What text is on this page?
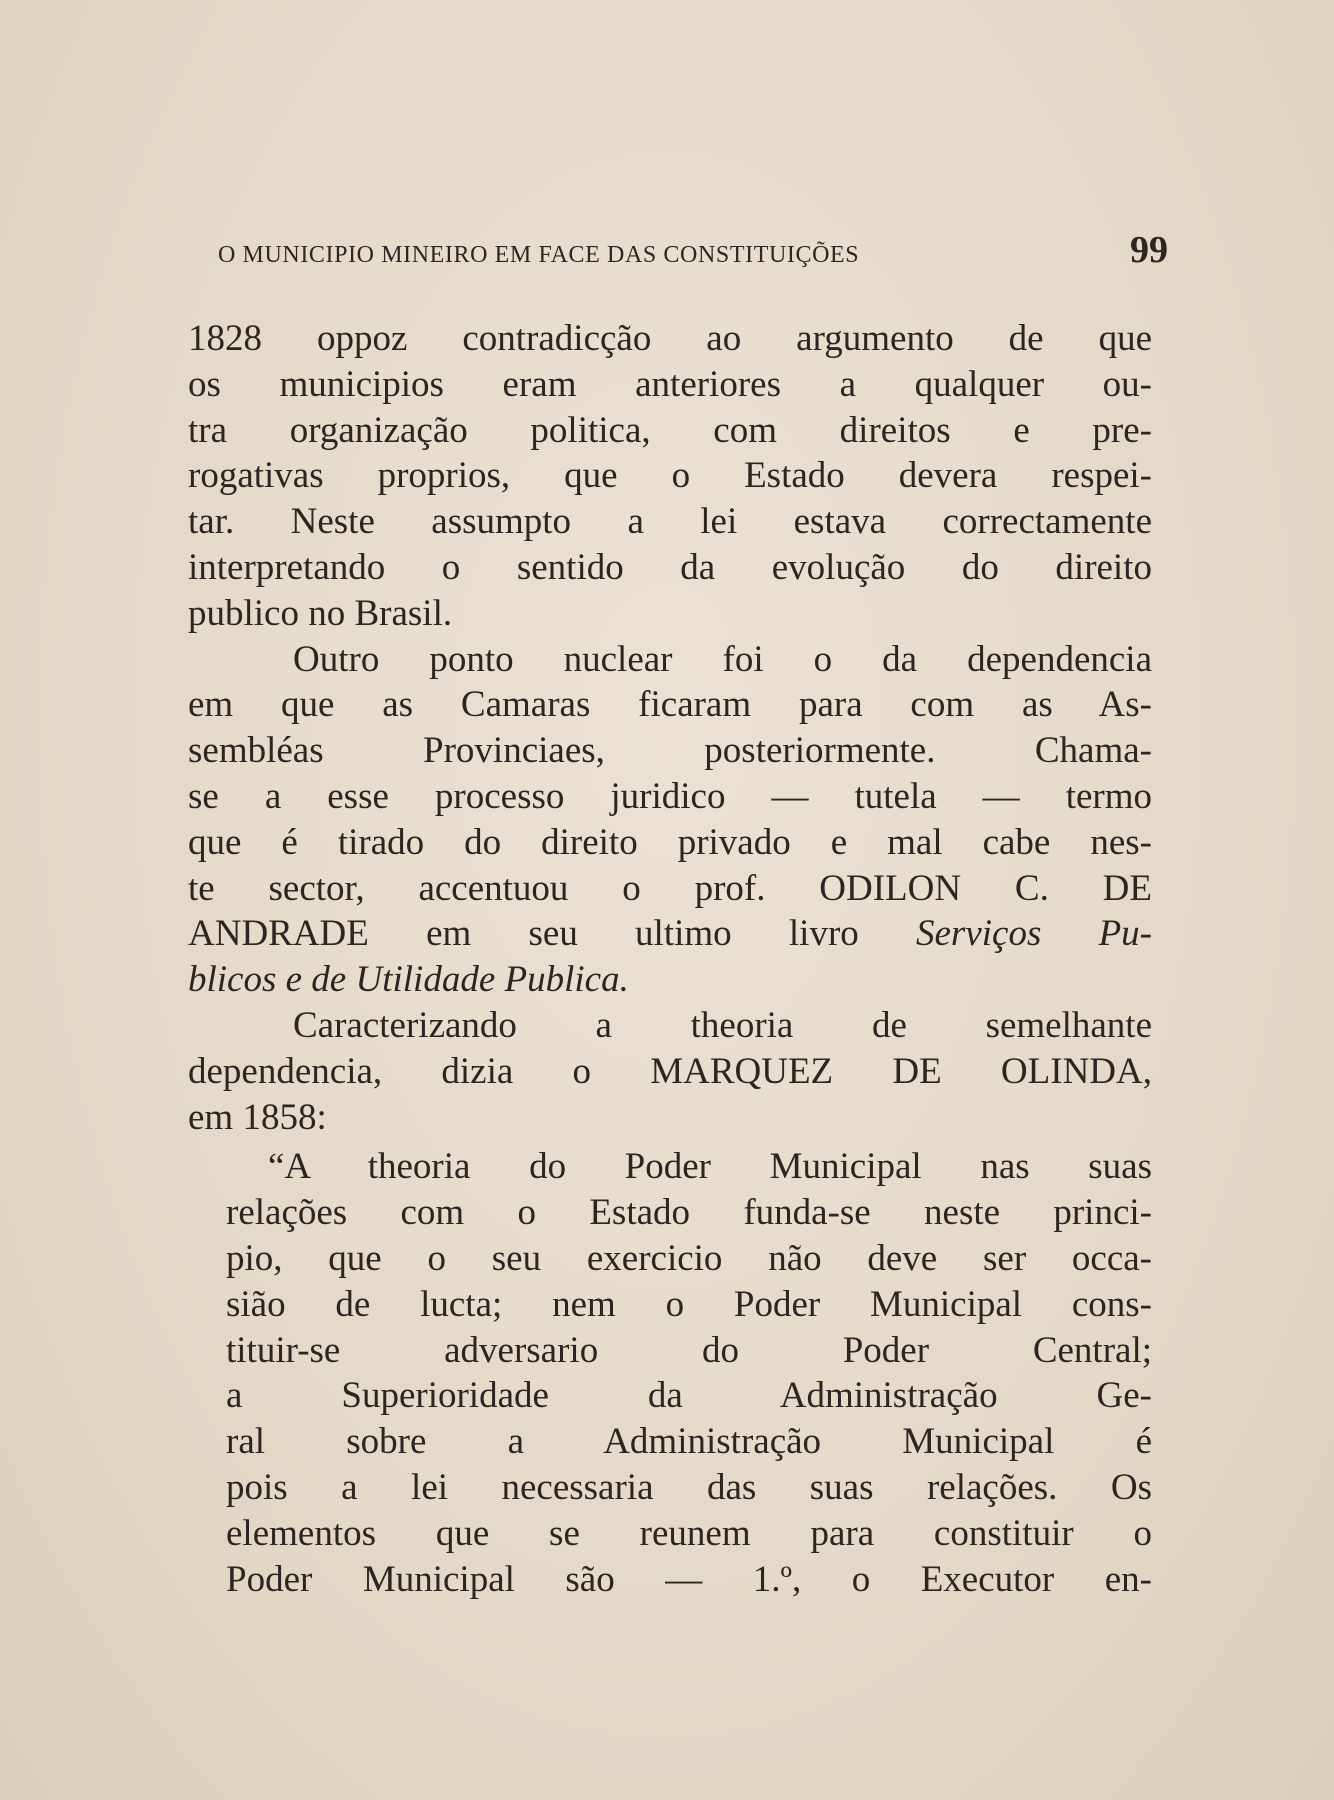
O MUNICIPIO MINEIRO EM FACE DAS CONSTITUIÇÕES	99
1828 oppoz contradicção ao argumento de que
os municipios eram anteriores a qualquer ou-
tra organização politica, com direitos e pre-
rogativas proprios, que o Estado devera respei-
tar. Neste assumpto a lei estava correctamente
interpretando o sentido da evolução do direito
publico no Brasil.
Outro ponto nuclear foi o da dependencia
em que as Camaras ficaram para com as As-
sembléas Provinciaes, posteriormente. Chama-
se a esse processo juridico — tutela — termo
que é tirado do direito privado e mal cabe nes-
te sector, accentuou o prof. ODILON C. DE
ANDRADE em seu ultimo livro Serviços Pu-
blicos e de Utilidade Publica.
Caracterizando a theoria de semelhante
dependencia, dizia o MARQUEZ DE OLINDA,
em 1858:
“A theoria do Poder Municipal nas suas
relações com o Estado funda-se neste princi-
pio, que o seu exercicio não deve ser occa-
sião de lucta; nem o Poder Municipal cons-
tituir-se adversario do Poder Central;
a Superioridade da Administração Ge-
ral sobre a Administração Municipal é
pois a lei necessaria das suas relações. Os
elementos que se reunem para constituir o
Poder Municipal são — 1.º, o Executor en-
